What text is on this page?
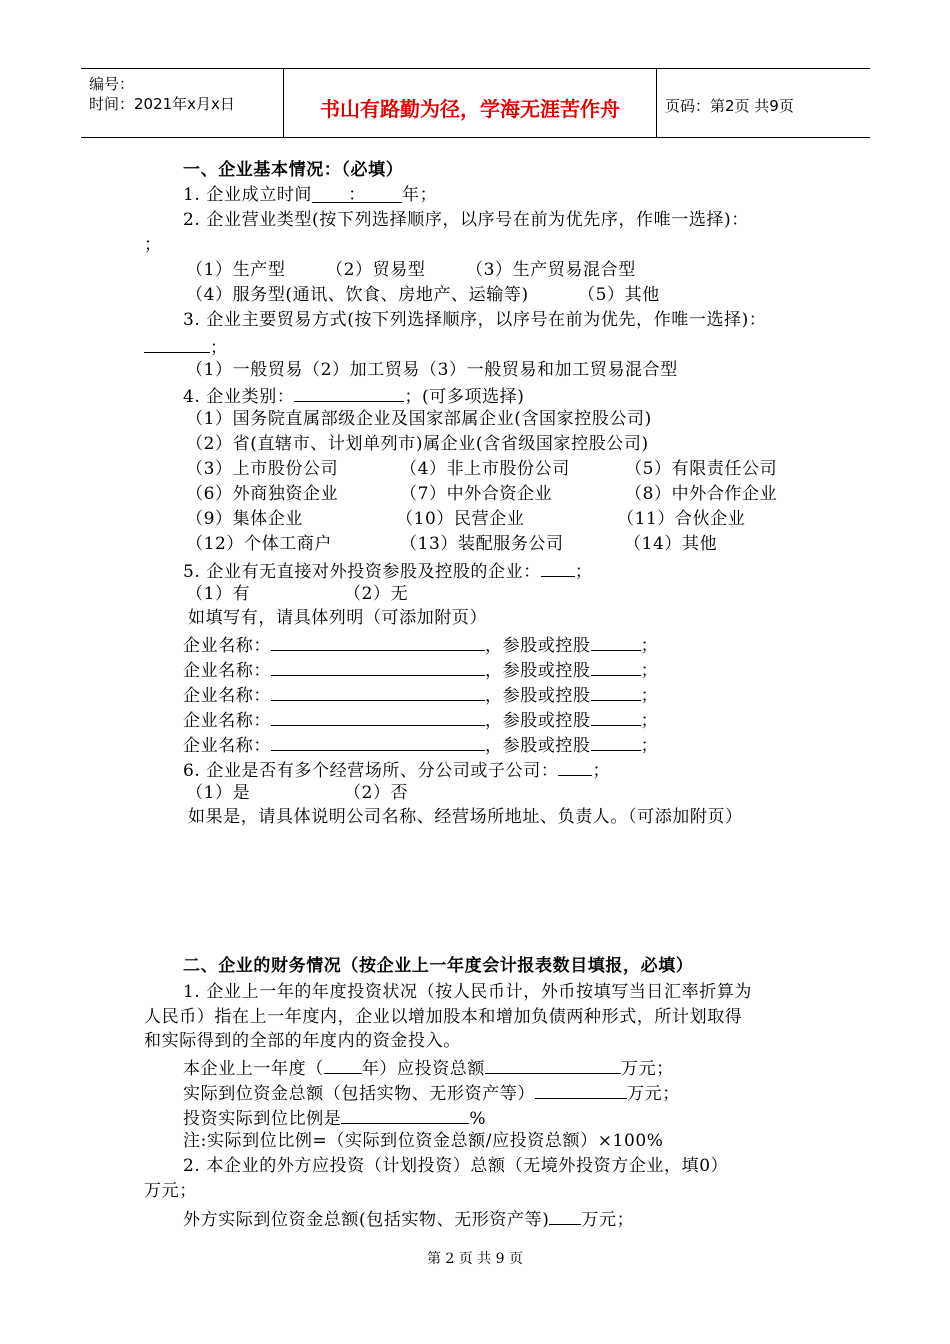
编号：
时间：2021年x月x日	书山有路勤为径，学海无涯苦作舟	页码：第2页 共9页
一、企业基本情况：（必填）
1. 企业成立时间 ： 年；
2. 企业营业类型(按下列选择顺序，以序号在前为优先序，作唯一选择)：
；
（1）生产型 （2）贸易型 （3）生产贸易混合型
（4）服务型(通讯、饮食、房地产、运输等)	（5）其他
3. 企业主要贸易方式(按下列选择顺序，以序号在前为优先，作唯一选择)：
；
（1）一般贸易（2）加工贸易（3）一般贸易和加工贸易混合型
4. 企业类别：	；(可多项选择)
（1）国务院直属部级企业及国家部属企业(含国家控股公司)
（2）省(直辖市、计划单列市)属企业(含省级国家控股公司)
（3）上市股份公司	（4）非上市股份公司	（5）有限责任公司
（6）外商独资企业	（7）中外合资企业	（8）中外合作企业
（9）集体企业	（10）民营企业	（11）合伙企业
（12）个体工商户	（13）装配服务公司	（14）其他
5. 企业有无直接对外投资参股及控股的企业： ；
（1）有	（2）无
如填写有，请具体列明（可添加附页）
企业名称：	，参股或控股	；
企业名称：	，参股或控股	；
企业名称：	，参股或控股	；
企业名称：	，参股或控股	；
企业名称：	，参股或控股	；
6. 企业是否有多个经营场所、分公司或子公司： ；
（1）是	（2）否
如果是，请具体说明公司名称、经营场所地址、负责人。（可添加附页）
二、企业的财务情况（按企业上一年度会计报表数目填报，必填）
1. 企业上一年的年度投资状况（按人民币计，外币按填写当日汇率折算为
人民币）指在上一年度内，企业以增加股本和增加负债两种形式，所计划取得
和实际得到的全部的年度内的资金投入。
本企业上一年度（ 年）应投资总额	万元；
实际到位资金总额（包括实物、无形资产等）	万元；
投资实际到位比例是	%
注:实际到位比例=（实际到位资金总额/应投资总额）×100%
2. 本企业的外方应投资（计划投资）总额（无境外投资方企业，填0）
万元；
外方实际到位资金总额(包括实物、无形资产等) 万元；
第 2 页 共 9 页
